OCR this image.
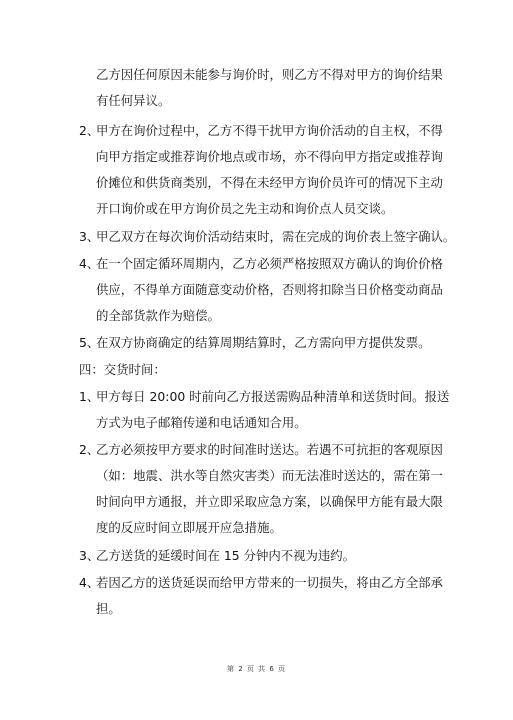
乙方因任何原因未能参与询价时，则乙方不得对甲方的询价结果
有任何异议。
2、甲方在询价过程中，乙方不得干扰甲方询价活动的自主权，不得
向甲方指定或推荐询价地点或市场，亦不得向甲方指定或推荐询
价摊位和供货商类别，不得在未经甲方询价员许可的情况下主动
开口询价或在甲方询价员之先主动和询价点人员交谈。
3、甲乙双方在每次询价活动结束时，需在完成的询价表上签字确认。
4、在一个固定循环周期内，乙方必须严格按照双方确认的询价价格
供应，不得单方面随意变动价格，否则将扣除当日价格变动商品
的全部货款作为赔偿。
5、在双方协商确定的结算周期结算时，乙方需向甲方提供发票。
四：交货时间：
1、甲方每日 20:00 时前向乙方报送需购品种清单和送货时间。报送
方式为电子邮箱传递和电话通知合用。
2、乙方必须按甲方要求的时间准时送达。若遇不可抗拒的客观原因
（如：地震、洪水等自然灾害类）而无法准时送达的，需在第一
时间向甲方通报，并立即采取应急方案，以确保甲方能有最大限
度的反应时间立即展开应急措施。
3、乙方送货的延缓时间在 15 分钟内不视为违约。
4、若因乙方的送货延误而给甲方带来的一切损失，将由乙方全部承
担。
第 2 页 共 6 页
